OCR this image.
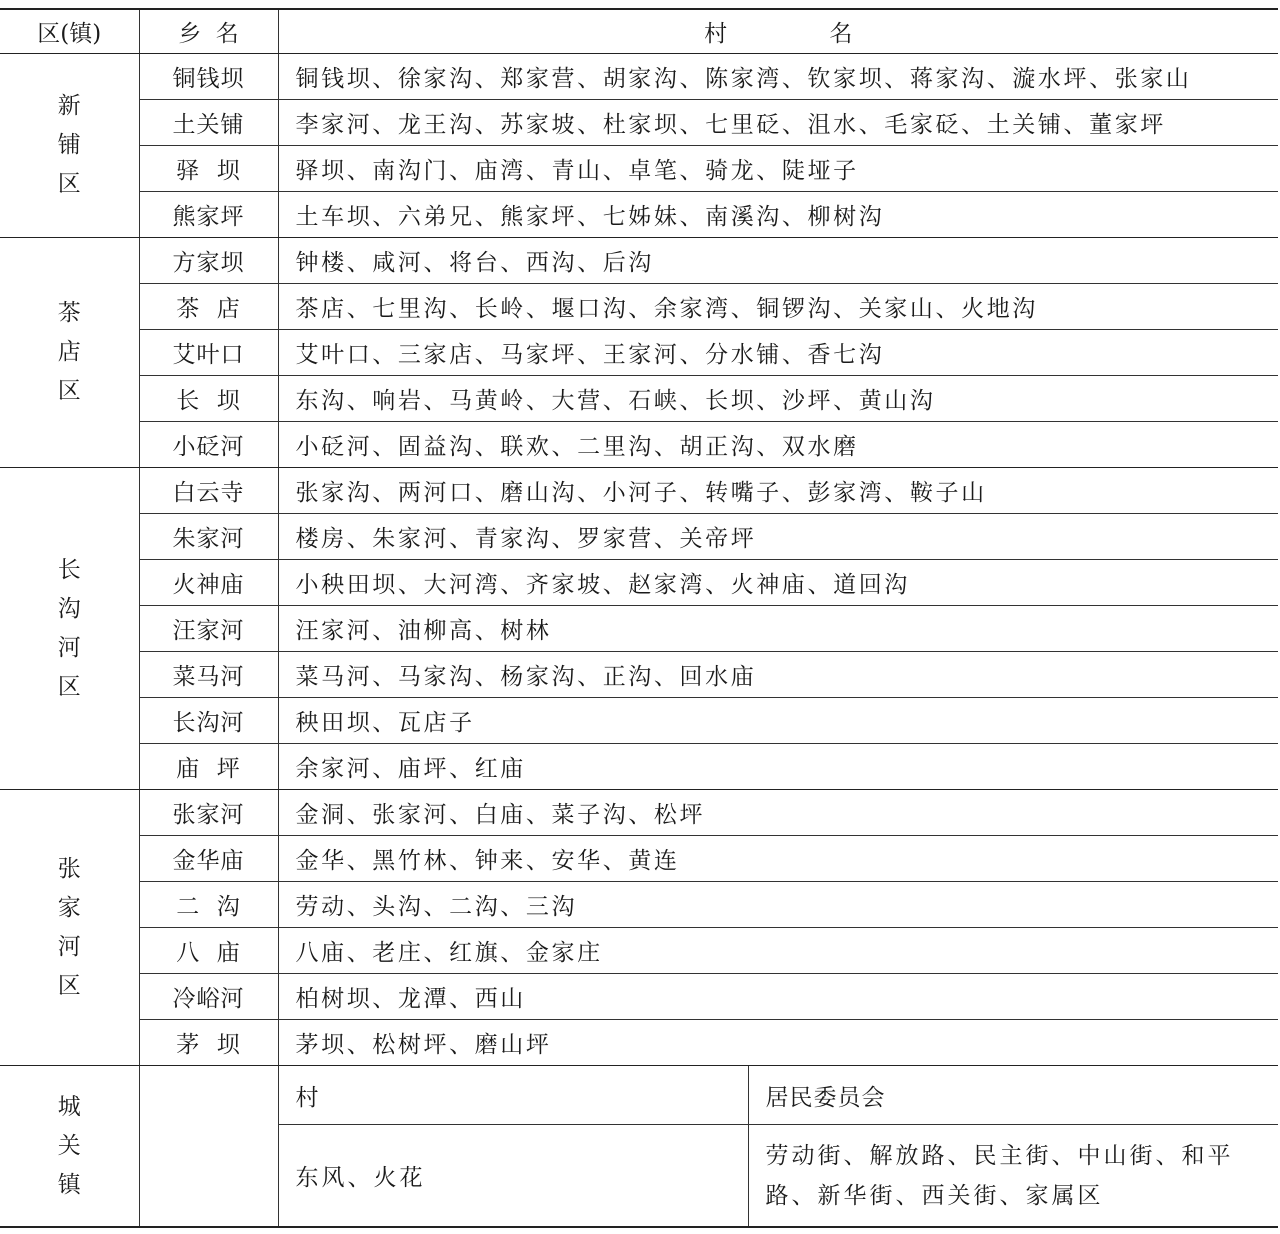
区(镇)	乡  名	村              名	
新铺区	铜钱坝	铜钱坝、徐家沟、郑家营、胡家沟、陈家湾、钦家坝、蒋家沟、漩水坪、张家山	
	土关铺	李家河、龙王沟、苏家坡、杜家坝、七里砭、沮水、毛家砭、土关铺、董家坪	
	驿  坝	驿坝、南沟门、庙湾、青山、卓笔、骑龙、陡垭子	
	熊家坪	土车坝、六弟兄、熊家坪、七姊妹、南溪沟、柳树沟	
茶店区	方家坝	钟楼、咸河、将台、西沟、后沟	
	茶  店	茶店、七里沟、长岭、堰口沟、余家湾、铜锣沟、关家山、火地沟	
	艾叶口	艾叶口、三家店、马家坪、王家河、分水铺、香七沟	
	长  坝	东沟、响岩、马黄岭、大营、石峡、长坝、沙坪、黄山沟	
	小砭河	小砭河、固益沟、联欢、二里沟、胡正沟、双水磨	
长沟河区	白云寺	张家沟、两河口、磨山沟、小河子、转嘴子、彭家湾、鞍子山	
	朱家河	楼房、朱家河、青家沟、罗家营、关帝坪	
	火神庙	小秧田坝、大河湾、齐家坡、赵家湾、火神庙、道回沟	
	汪家河	汪家河、油柳高、树林	
	菜马河	菜马河、马家沟、杨家沟、正沟、回水庙	
	长沟河	秧田坝、瓦店子	
	庙  坪	余家河、庙坪、红庙	
张家河区	张家河	金洞、张家河、白庙、菜子沟、松坪	
	金华庙	金华、黑竹林、钟来、安华、黄连	
	二  沟	劳动、头沟、二沟、三沟	
	八  庙	八庙、老庄、红旗、金家庄	
	冷峪河	柏树坝、龙潭、西山	
	茅  坝	茅坝、松树坪、磨山坪	
城关镇		村	居民委员会
		东风、火花	劳动街、解放路、民主街、中山街、和平路、新华街、西关街、家属区
